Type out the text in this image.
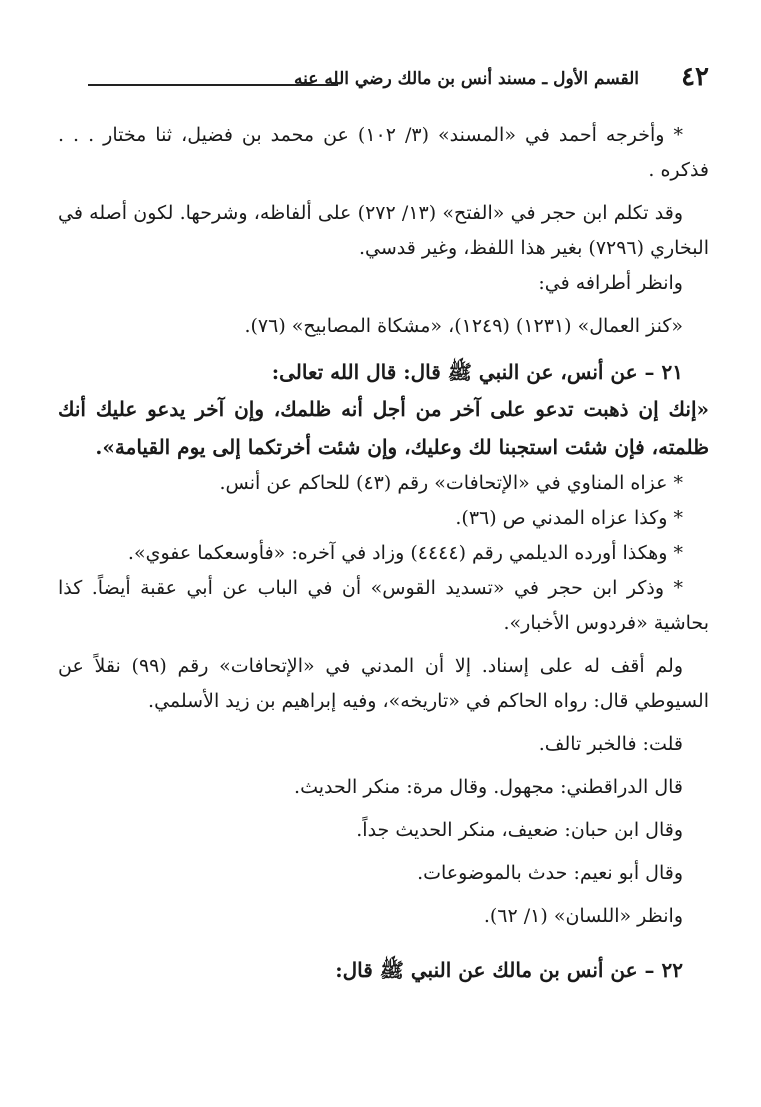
٤٢
القسم الأول ـ مسند أنس بن مالك رضي الله عنه

* وأخرجه أحمد في «المسند» (٣/ ١٠٢) عن محمد بن فضيل، ثنا مختار . . . فذكره .

وقد تكلم ابن حجر في «الفتح» (١٣/ ٢٧٢) على ألفاظه، وشرحها. لكون أصله في البخاري (٧٢٩٦) بغير هذا اللفظ، وغير قدسي.

وانظر أطرافه في:

«كنز العمال» (١٢٣١) (١٢٤٩)، «مشكاة المصابيح» (٧٦).

٢١ – عن أنس، عن النبي ﷺ قال: قال الله تعالى:

«إنك إن ذهبت تدعو على آخر من أجل أنه ظلمك، وإن آخر يدعو عليك أنك ظلمته، فإن شئت استجبنا لك وعليك، وإن شئت أخرتكما إلى يوم القيامة».

* عزاه المناوي في «الإتحافات» رقم (٤٣) للحاكم عن أنس.

* وكذا عزاه المدني ص (٣٦).

* وهكذا أورده الديلمي رقم (٤٤٤٤) وزاد في آخره: «فأوسعكما عفوي».

* وذكر ابن حجر في «تسديد القوس» أن في الباب عن أبي عقبة أيضاً. كذا بحاشية «فردوس الأخبار».

ولم أقف له على إسناد. إلا أن المدني في «الإتحافات» رقم (٩٩) نقلاً عن السيوطي قال: رواه الحاكم في «تاريخه»، وفيه إبراهيم بن زيد الأسلمي.

قلت: فالخبر تالف.

قال الدراقطني: مجهول. وقال مرة: منكر الحديث.

وقال ابن حبان: ضعيف، منكر الحديث جداً.

وقال أبو نعيم: حدث بالموضوعات.

وانظر «اللسان» (١/ ٦٢).

٢٢ – عن أنس بن مالك عن النبي ﷺ قال:
